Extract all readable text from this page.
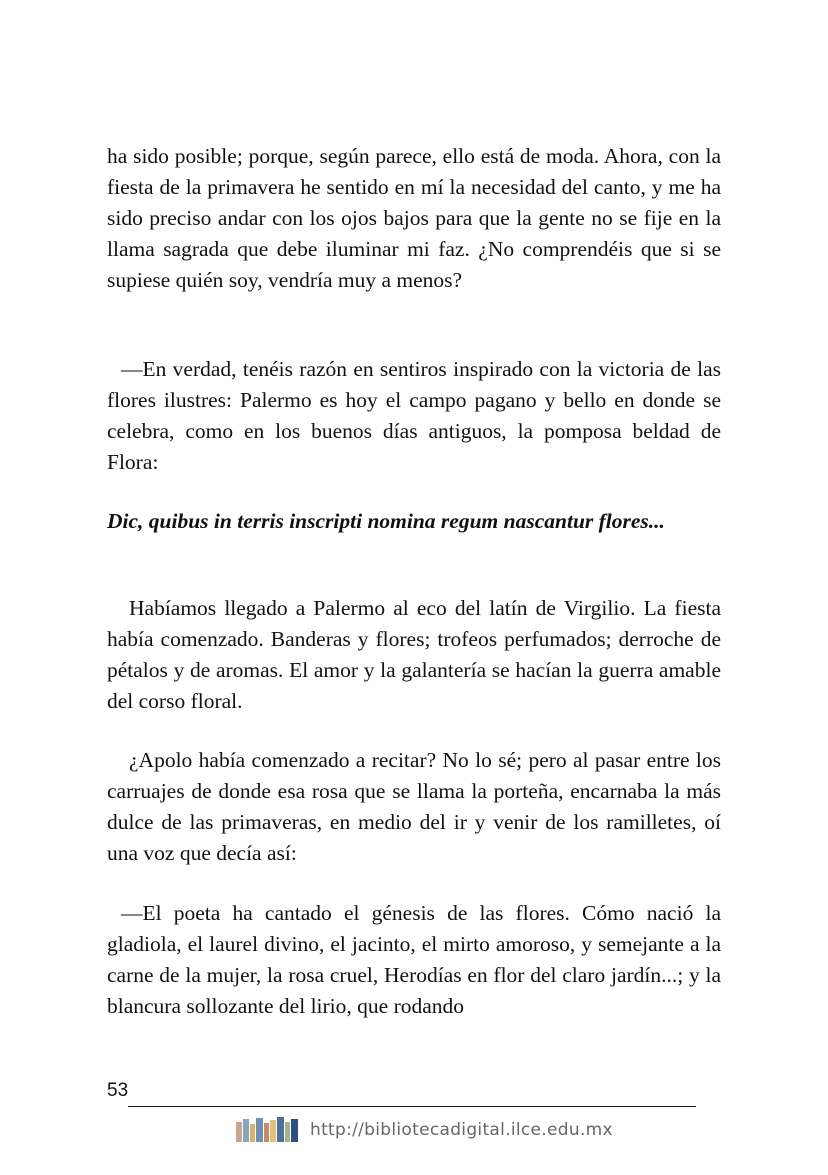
ha sido posible; porque, según parece, ello está de moda. Ahora, con la fiesta de la primavera he sentido en mí la necesidad del canto, y me ha sido preciso andar con los ojos bajos para que la gente no se fije en la llama sagrada que debe iluminar mi faz. ¿No comprendéis que si se supiese quién soy, vendría muy a menos?

—En verdad, tenéis razón en sentiros inspirado con la victoria de las flores ilustres: Palermo es hoy el campo pagano y bello en donde se celebra, como en los buenos días antiguos, la pomposa beldad de Flora:

Dic, quibus in terris inscripti nomina regum nascantur flores...

Habíamos llegado a Palermo al eco del latín de Virgilio. La fiesta había comenzado. Banderas y flores; trofeos perfumados; derroche de pétalos y de aromas. El amor y la galantería se hacían la guerra amable del corso floral.

¿Apolo había comenzado a recitar? No lo sé; pero al pasar entre los carruajes de donde esa rosa que se llama la porteña, encarnaba la más dulce de las primaveras, en medio del ir y venir de los ramilletes, oí una voz que decía así:

—El poeta ha cantado el génesis de las flores. Cómo nació la gladiola, el laurel divino, el jacinto, el mirto amoroso, y semejante a la carne de la mujer, la rosa cruel, Herodías en flor del claro jardín...; y la blancura sollozante del lirio, que rodando

53
http://bibliotecadigital.ilce.edu.mx
